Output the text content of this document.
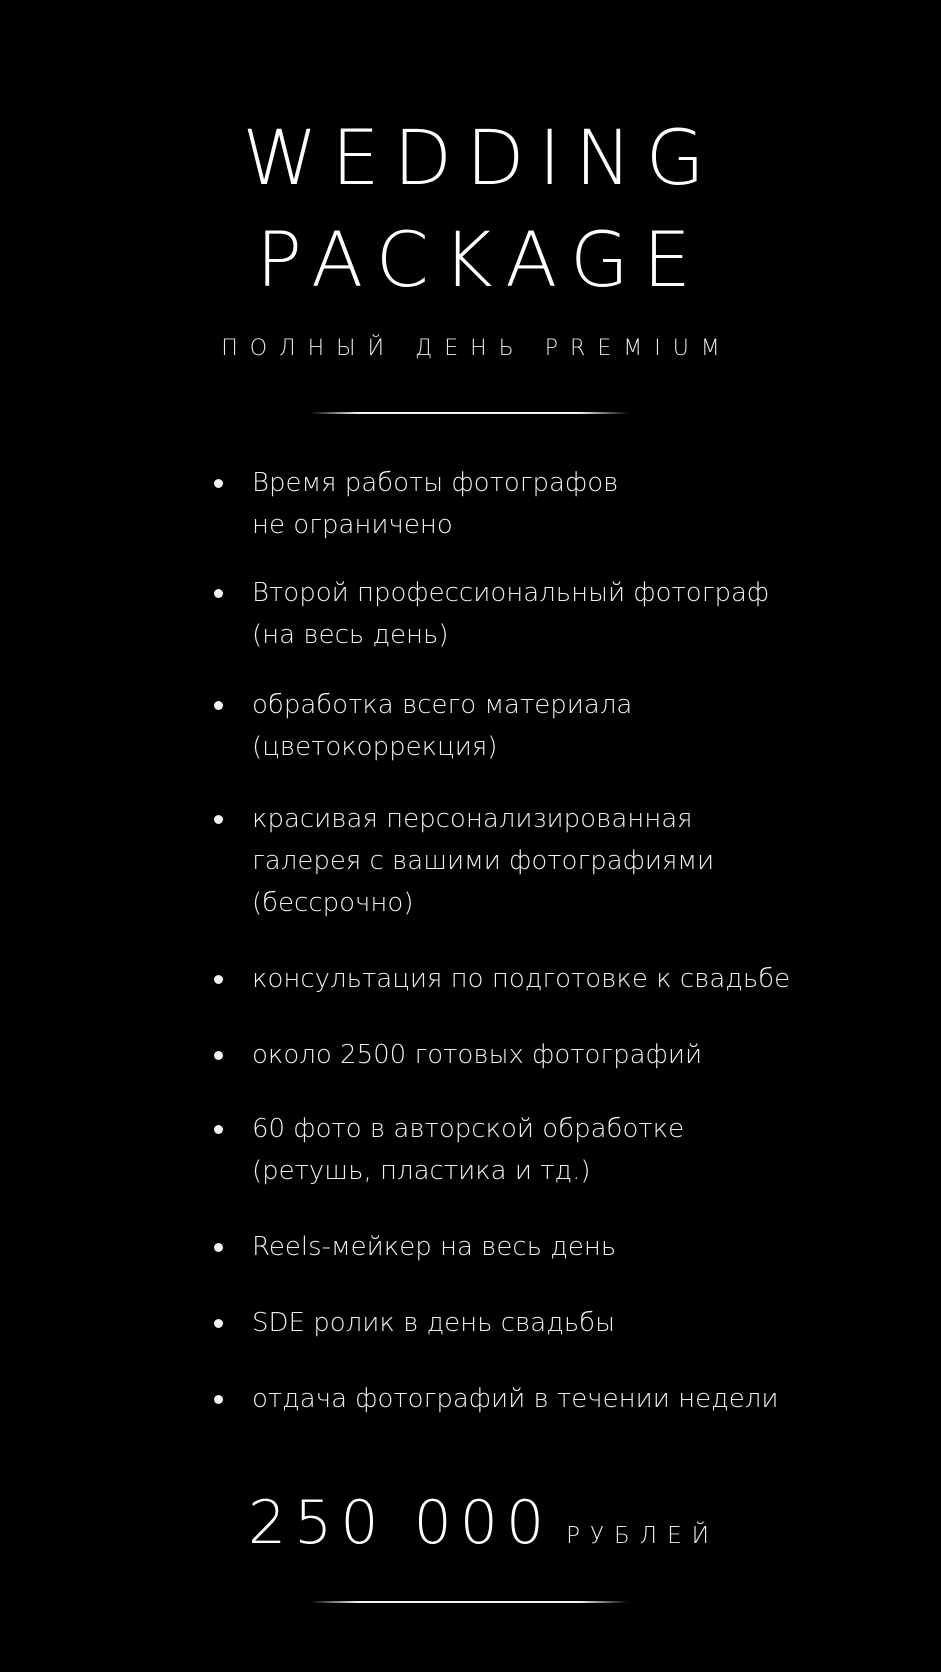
WEDDING
PACKAGE
ПОЛНЫЙ ДЕНЬ PREMIUM
Время работы фотографов
не ограничено
Второй профессиональный фотограф
(на весь день)
обработка всего материала
(цветокоррекция)
красивая персонализированная
галерея с вашими фотографиями
(бессрочно)
консультация по подготовке к свадьбе
около 2500 готовых фотографий
60 фото в авторской обработке
(ретушь, пластика и тд.)
Reels-мейкер на весь день
SDE ролик в день свадьбы
отдача фотографий в течении недели
250 000 РУБЛЕЙ
